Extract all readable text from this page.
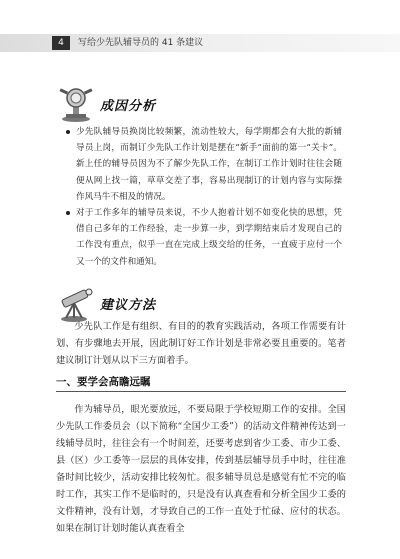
4	写给少先队辅导员的 41 条建议
成因分析

少先队辅导员换岗比较频繁，流动性较大，每学期都会有大批的新辅导员上岗，而制订少先队工作计划是摆在“新手”面前的第一“关卡”。新上任的辅导员因为不了解少先队工作，在制订工作计划时往往会随便从网上找一篇，草草交差了事，容易出现制订的计划内容与实际操作风马牛不相及的情况。

对于工作多年的辅导员来说，不少人抱着计划不如变化快的思想，凭借自己多年的工作经验，走一步算一步，到学期结束后才发现自己的工作没有重点，似乎一直在完成上级交给的任务，一直疲于应付一个又一个的文件和通知。

建议方法

少先队工作是有组织、有目的的教育实践活动，各项工作需要有计划、有步骤地去开展，因此制订好工作计划是非常必要且重要的。笔者建议制订计划从以下三方面着手。

一、要学会高瞻远瞩

作为辅导员，眼光要放远，不要局限于学校短期工作的安排。全国少先队工作委员会（以下简称“全国少工委”）的活动文件精神传达到一线辅导员时，往往会有一个时间差，还要考虑到省少工委、市少工委、县（区）少工委等一层层的具体安排，传到基层辅导员手中时，往往准备时间比较少，活动安排比较匆忙。很多辅导员总是感觉有忙不完的临时工作，其实工作不是临时的，只是没有认真查看和分析全国少工委的文件精神，没有计划，才导致自己的工作一直处于忙碌、应付的状态。如果在制订计划时能认真查看全
